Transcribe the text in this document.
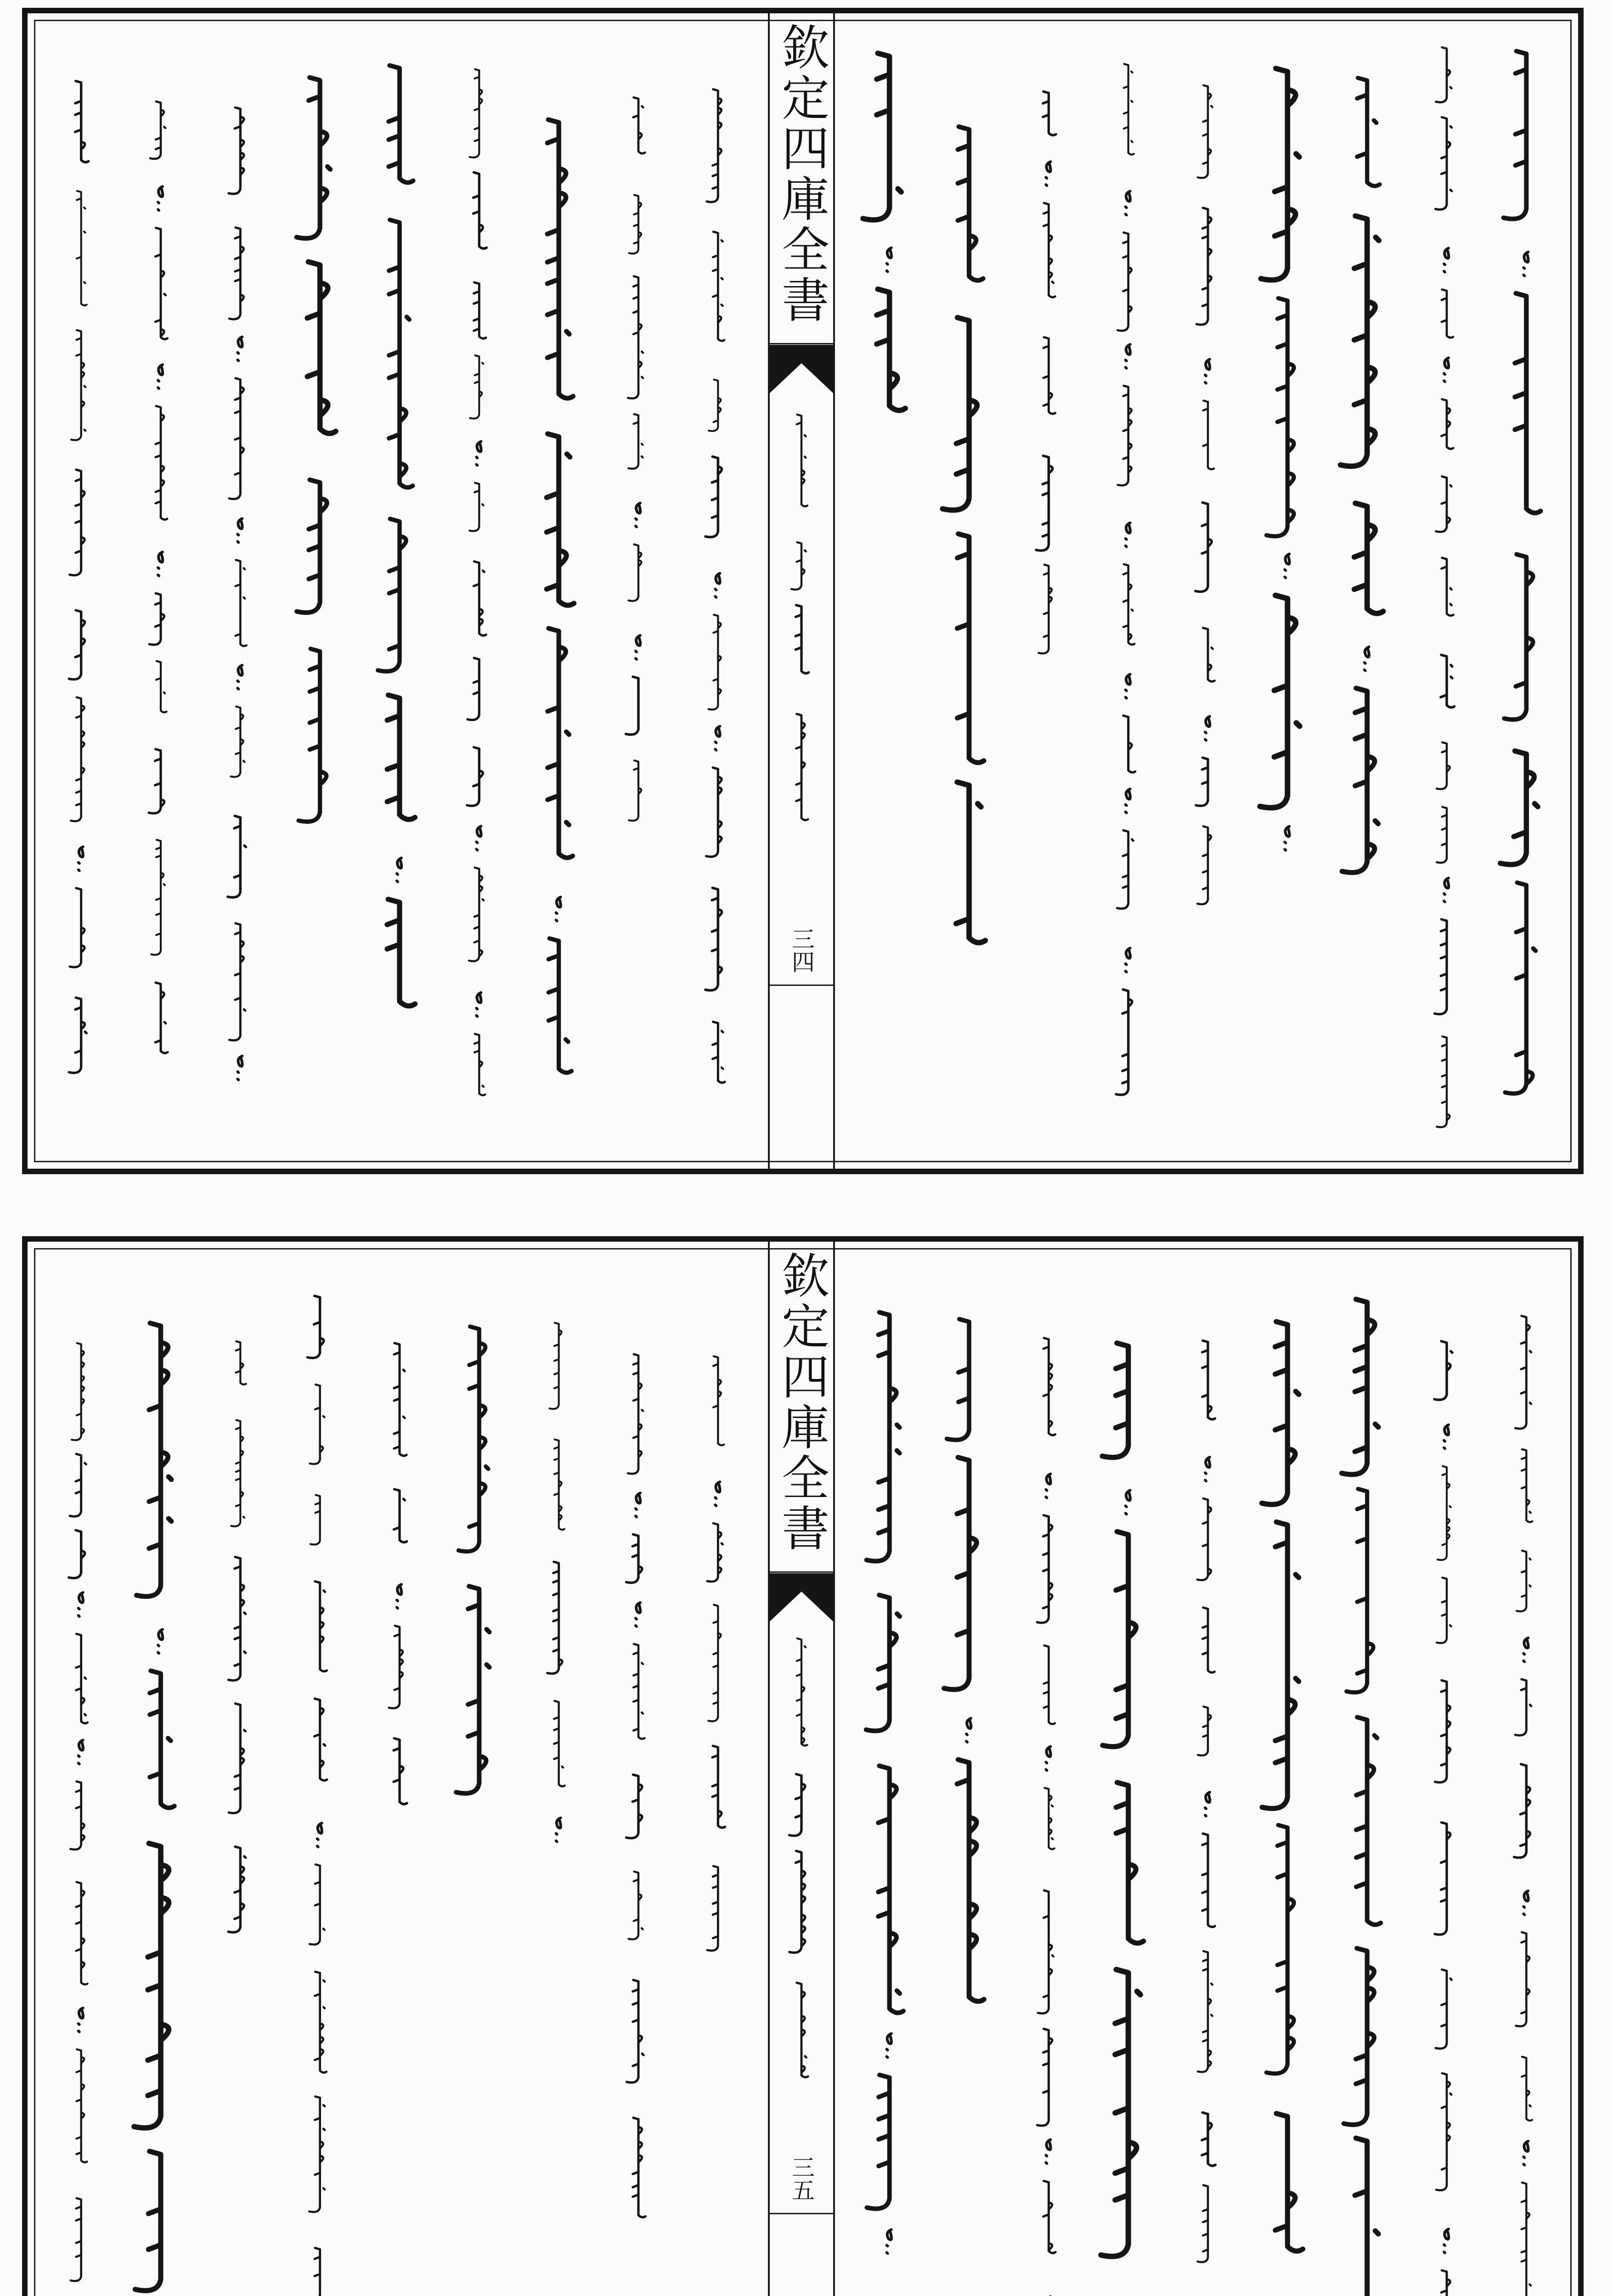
欽定四庫全書
三四
欽定四庫全書
三五
